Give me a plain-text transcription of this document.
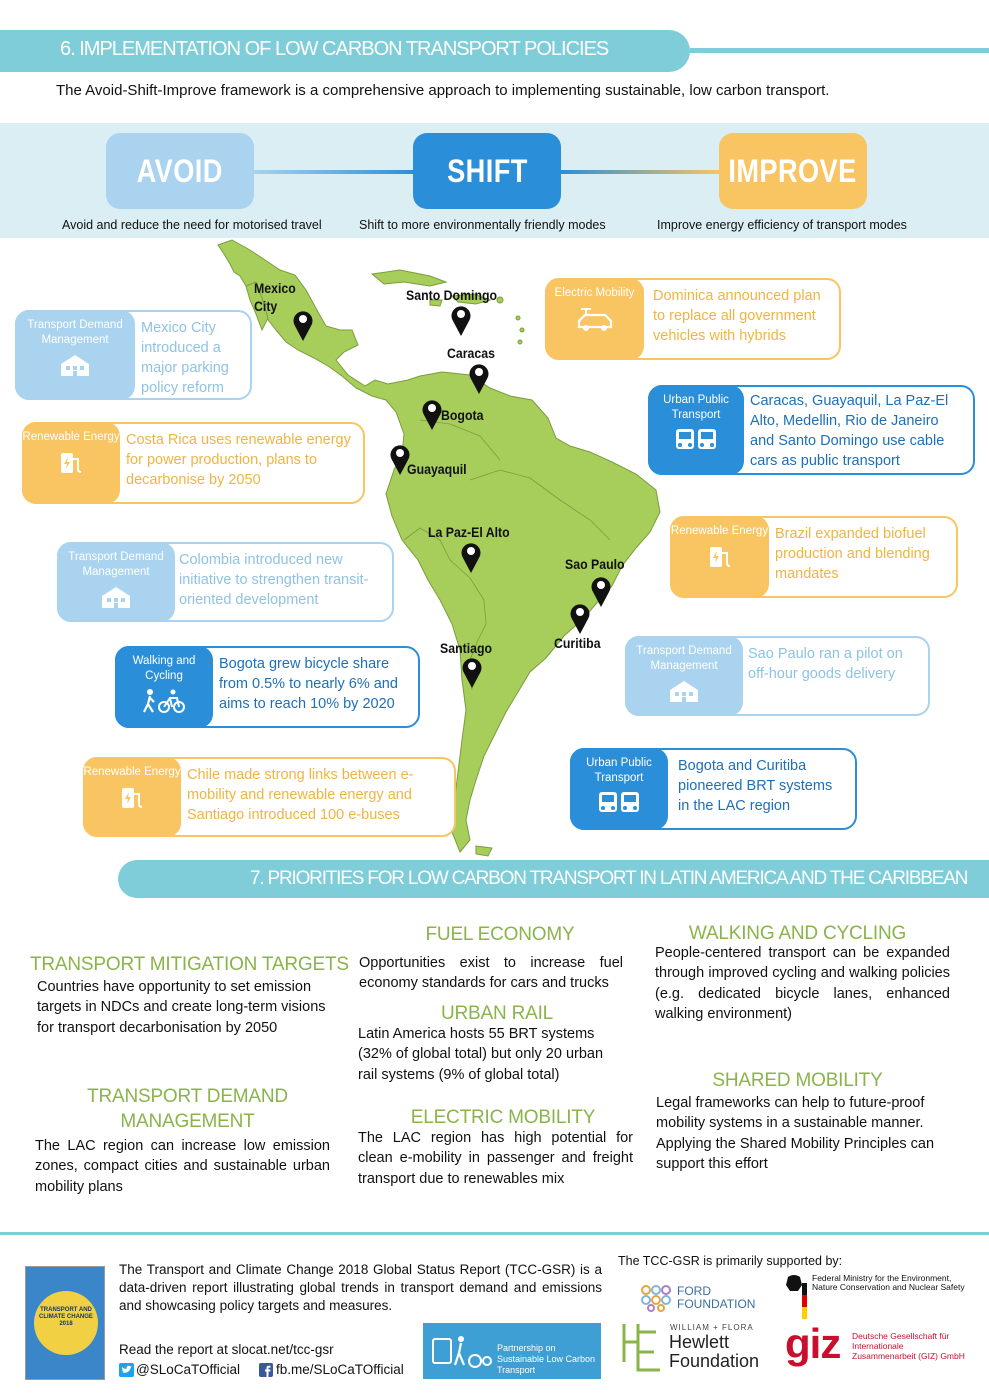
6. IMPLEMENTATION OF LOW CARBON TRANSPORT POLICIES
The Avoid-Shift-Improve framework is a comprehensive approach to implementing sustainable, low carbon transport.
AVOID	SHIFT	IMPROVE
Avoid and reduce the need for motorised travel	Shift to more environmentally friendly modes	Improve energy efficiency of transport modes
Mexico City
Santo Domingo
Caracas
Bogota
Guayaquil
La Paz-El Alto
Sao Paulo
Curitiba
Santiago
Transport Demand Management
Mexico City introduced a major parking policy reform
Renewable Energy Costa Rica uses renewable energy for power production, plans to decarbonise by 2050
Transport Demand Management
Colombia introduced new initiative to strengthen transit-oriented development
Walking and Cycling
Bogota grew bicycle share from 0.5% to nearly 6% and aims to reach 10% by 2020
Renewable Energy Chile made strong links between e-mobility and renewable energy and Santiago introduced 100 e-buses
Electric Mobility Dominica announced plan to replace all government vehicles with hybrids
Urban Public Transport
Caracas, Guayaquil, La Paz-El Alto, Medellin, Rio de Janeiro and Santo Domingo use cable cars as public transport
Renewable Energy Brazil expanded biofuel production and blending mandates
Transport Demand Management
Sao Paulo ran a pilot on off-hour goods delivery
Urban Public Transport
Bogota and Curitiba pioneered BRT systems in the LAC region
7. PRIORITIES FOR LOW CARBON TRANSPORT IN LATIN AMERICA AND THE CARIBBEAN
TRANSPORT MITIGATION TARGETS
Countries have opportunity to set emission targets in NDCs and create long-term visions for transport decarbonisation by 2050
TRANSPORT DEMAND
MANAGEMENT
The LAC region can increase low emission zones, compact cities and sustainable urban mobility plans
FUEL ECONOMY
Opportunities exist to increase fuel economy standards for cars and trucks
URBAN RAIL
Latin America hosts 55 BRT systems (32% of global total) but only 20 urban rail systems (9% of global total)
ELECTRIC MOBILITY
The LAC region has high potential for clean e-mobility in passenger and freight transport due to renewables mix
WALKING AND CYCLING
People-centered transport can be expanded through improved cycling and walking policies (e.g. dedicated bicycle lanes, enhanced walking environment)
SHARED MOBILITY
Legal frameworks can help to future-proof mobility systems in a sustainable manner. Applying the Shared Mobility Principles can support this effort
TRANSPORT AND CLIMATE CHANGE 2018
The Transport and Climate Change 2018 Global Status Report (TCC-GSR) is a data-driven report illustrating global trends in transport demand and emissions and showcasing policy targets and measures.
Read the report at slocat.net/tcc-gsr
@SLoCaTOfficial	fb.me/SLoCaTOfficial
Partnership on Sustainable Low Carbon Transport
The TCC-GSR is primarily supported by:
FORD FOUNDATION
Federal Ministry for the Environment, Nature Conservation and Nuclear Safety
WILLIAM + FLORA
Hewlett Foundation giz Deutsche Gesellschaft für Internationale Zusammenarbeit (GIZ) GmbH
